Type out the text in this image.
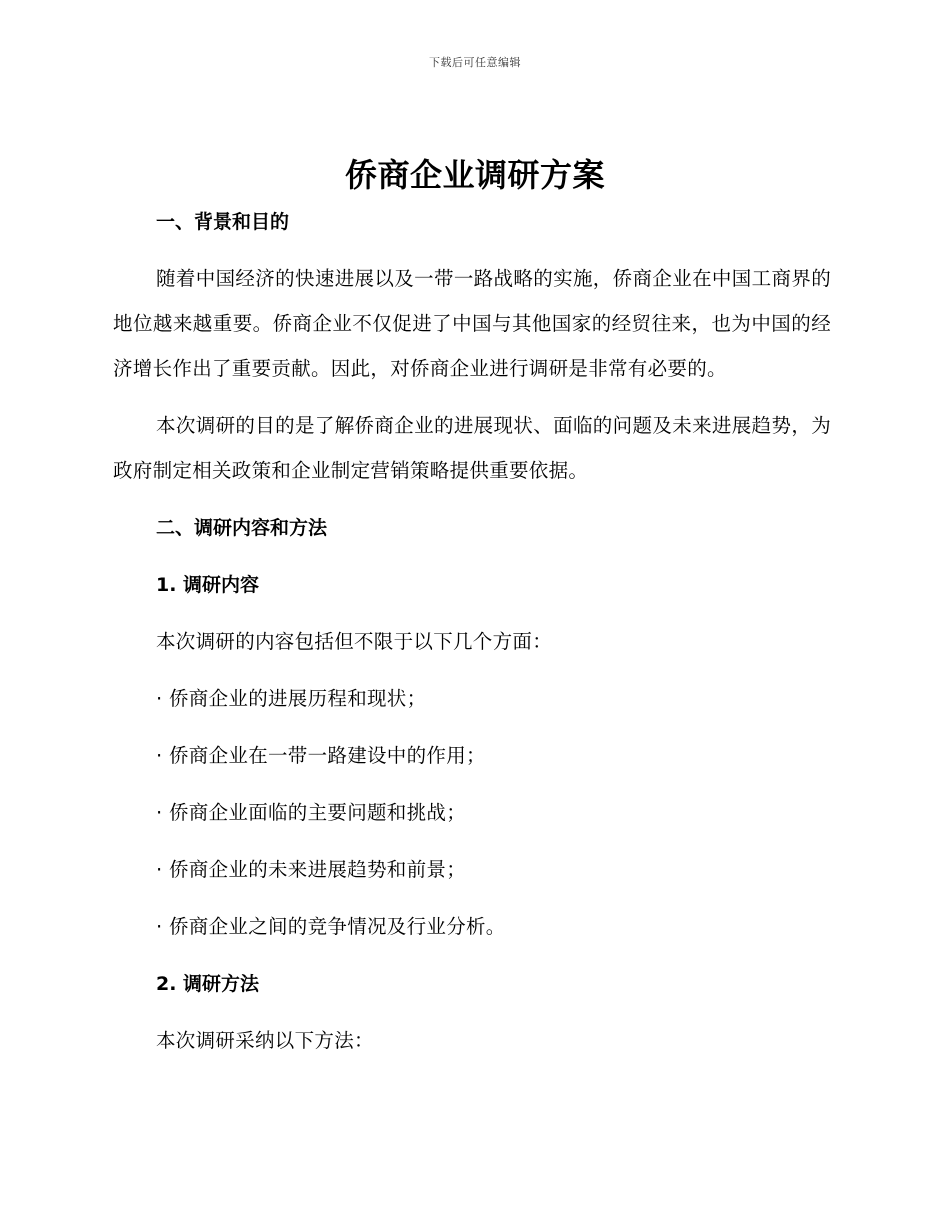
下载后可任意编辑
侨商企业调研方案
一、背景和目的

随着中国经济的快速进展以及一带一路战略的实施，侨商企业在中国工商界的地位越来越重要。侨商企业不仅促进了中国与其他国家的经贸往来，也为中国的经济增长作出了重要贡献。因此，对侨商企业进行调研是非常有必要的。

本次调研的目的是了解侨商企业的进展现状、面临的问题及未来进展趋势，为政府制定相关政策和企业制定营销策略提供重要依据。

二、调研内容和方法
1. 调研内容
本次调研的内容包括但不限于以下几个方面：
· 侨商企业的进展历程和现状；
· 侨商企业在一带一路建设中的作用；
· 侨商企业面临的主要问题和挑战；
· 侨商企业的未来进展趋势和前景；
· 侨商企业之间的竞争情况及行业分析。
2. 调研方法
本次调研采纳以下方法：
